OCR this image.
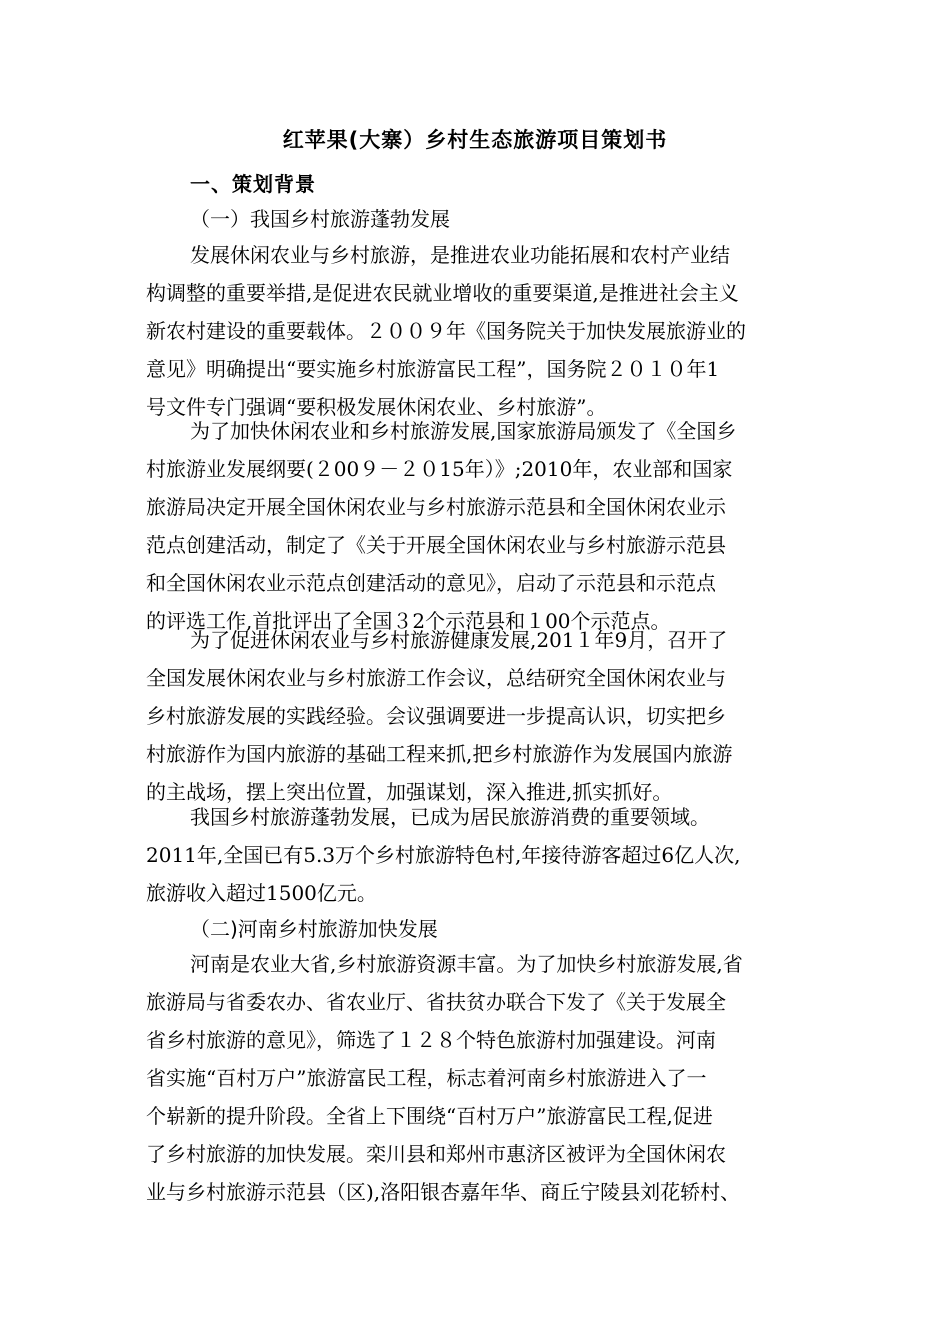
红苹果(大寨）乡村生态旅游项目策划书
一、策划背景
（一）我国乡村旅游蓬勃发展
发展休闲农业与乡村旅游，是推进农业功能拓展和农村产业结
构调整的重要举措,是促进农民就业增收的重要渠道,是推进社会主义
新农村建设的重要载体。２００９年《国务院关于加快发展旅游业的
意见》明确提出“要实施乡村旅游富民工程”，国务院２０１０年1
号文件专门强调“要积极发展休闲农业、乡村旅游”。
为了加快休闲农业和乡村旅游发展,国家旅游局颁发了《全国乡
村旅游业发展纲要(２00９－２０15年）》;2010年，农业部和国家
旅游局决定开展全国休闲农业与乡村旅游示范县和全国休闲农业示
范点创建活动，制定了《关于开展全国休闲农业与乡村旅游示范县
和全国休闲农业示范点创建活动的意见》，启动了示范县和示范点
的评选工作,首批评出了全国３2个示范县和１00个示范点。
为了促进休闲农业与乡村旅游健康发展,201１年9月，召开了
全国发展休闲农业与乡村旅游工作会议，总结研究全国休闲农业与
乡村旅游发展的实践经验。会议强调要进一步提高认识，切实把乡
村旅游作为国内旅游的基础工程来抓,把乡村旅游作为发展国内旅游
的主战场，摆上突出位置，加强谋划，深入推进,抓实抓好。
我国乡村旅游蓬勃发展，已成为居民旅游消费的重要领域。
2011年,全国已有5.3万个乡村旅游特色村,年接待游客超过6亿人次,
旅游收入超过1500亿元。
（二)河南乡村旅游加快发展
河南是农业大省,乡村旅游资源丰富。为了加快乡村旅游发展,省
旅游局与省委农办、省农业厅、省扶贫办联合下发了《关于发展全
省乡村旅游的意见》，筛选了１２８个特色旅游村加强建设。河南
省实施“百村万户”旅游富民工程，标志着河南乡村旅游进入了一
个崭新的提升阶段。全省上下围绕“百村万户”旅游富民工程,促进
了乡村旅游的加快发展。栾川县和郑州市惠济区被评为全国休闲农
业与乡村旅游示范县（区),洛阳银杏嘉年华、商丘宁陵县刘花轿村、
